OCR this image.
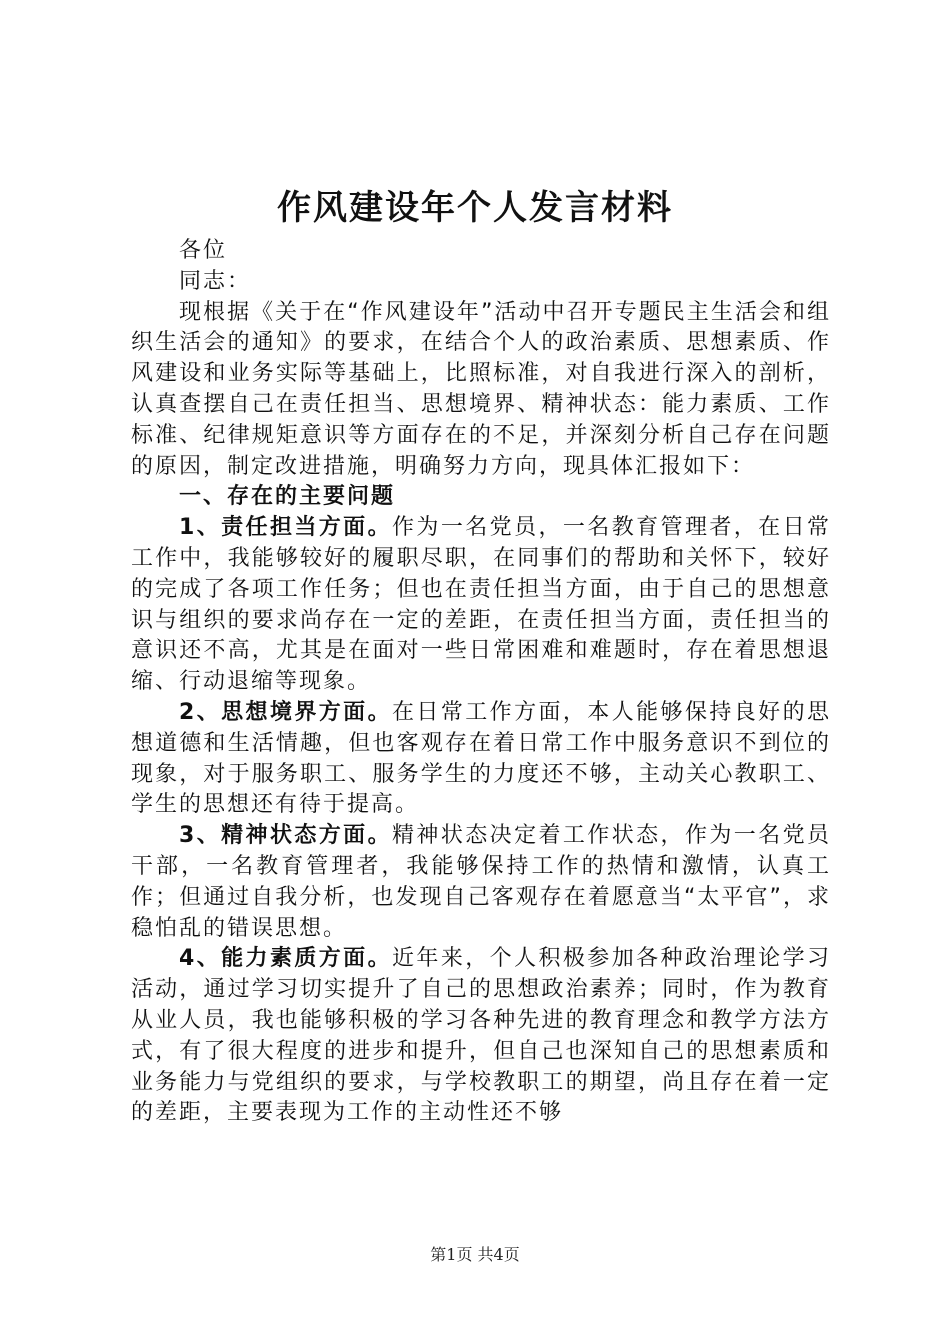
作风建设年个人发言材料

各位

同志：

现根据《关于在“作风建设年”活动中召开专题民主生活会和组织生活会的通知》的要求，在结合个人的政治素质、思想素质、作风建设和业务实际等基础上，比照标准，对自我进行深入的剖析，认真查摆自己在责任担当、思想境界、精神状态：能力素质、工作标准、纪律规矩意识等方面存在的不足，并深刻分析自己存在问题的原因，制定改进措施，明确努力方向，现具体汇报如下：

一、存在的主要问题

1、责任担当方面。作为一名党员，一名教育管理者，在日常工作中，我能够较好的履职尽职，在同事们的帮助和关怀下，较好的完成了各项工作任务；但也在责任担当方面，由于自己的思想意识与组织的要求尚存在一定的差距，在责任担当方面，责任担当的意识还不高，尤其是在面对一些日常困难和难题时，存在着思想退缩、行动退缩等现象。

2、思想境界方面。在日常工作方面，本人能够保持良好的思想道德和生活情趣，但也客观存在着日常工作中服务意识不到位的现象，对于服务职工、服务学生的力度还不够，主动关心教职工、学生的思想还有待于提高。

3、精神状态方面。精神状态决定着工作状态，作为一名党员干部，一名教育管理者，我能够保持工作的热情和激情，认真工作；但通过自我分析，也发现自己客观存在着愿意当“太平官”，求稳怕乱的错误思想。

4、能力素质方面。近年来，个人积极参加各种政治理论学习活动，通过学习切实提升了自己的思想政治素养；同时，作为教育从业人员，我也能够积极的学习各种先进的教育理念和教学方法方式，有了很大程度的进步和提升，但自己也深知自己的思想素质和业务能力与党组织的要求，与学校教职工的期望，尚且存在着一定的差距，主要表现为工作的主动性还不够

第1页 共4页
